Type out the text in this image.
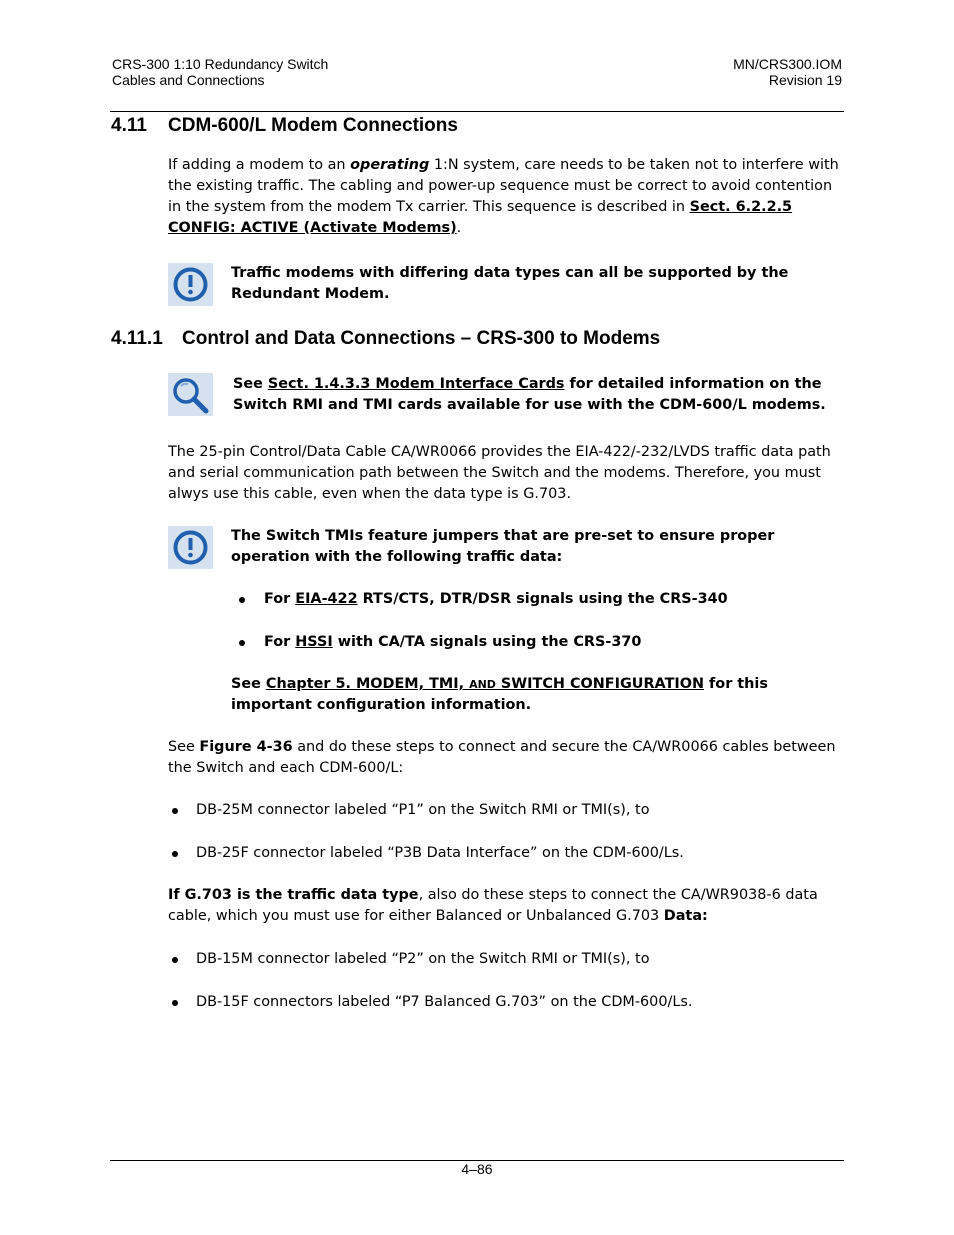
CRS-300 1:10 Redundancy Switch
Cables and Connections
MN/CRS300.IOM
Revision 19
4.11 CDM-600/L Modem Connections

If adding a modem to an operating 1:N system, care needs to be taken not to interfere with the existing traffic. The cabling and power-up sequence must be correct to avoid contention in the system from the modem Tx carrier. This sequence is described in Sect. 6.2.2.5 CONFIG: ACTIVE (Activate Modems).

Traffic modems with differing data types can all be supported by the Redundant Modem.

4.11.1 Control and Data Connections – CRS-300 to Modems

See Sect. 1.4.3.3 Modem Interface Cards for detailed information on the Switch RMI and TMI cards available for use with the CDM-600/L modems.

The 25-pin Control/Data Cable CA/WR0066 provides the EIA-422/-232/LVDS traffic data path and serial communication path between the Switch and the modems. Therefore, you must alwys use this cable, even when the data type is G.703.

The Switch TMIs feature jumpers that are pre-set to ensure proper operation with the following traffic data:

For EIA-422 RTS/CTS, DTR/DSR signals using the CRS-340

For HSSI with CA/TA signals using the CRS-370

See Chapter 5. MODEM, TMI, AND SWITCH CONFIGURATION for this important configuration information.

See Figure 4-36 and do these steps to connect and secure the CA/WR0066 cables between the Switch and each CDM-600/L:

DB-25M connector labeled “P1” on the Switch RMI or TMI(s), to
DB-25F connector labeled “P3B Data Interface” on the CDM-600/Ls.

If G.703 is the traffic data type, also do these steps to connect the CA/WR9038-6 data cable, which you must use for either Balanced or Unbalanced G.703 Data:

DB-15M connector labeled “P2” on the Switch RMI or TMI(s), to
DB-15F connectors labeled “P7 Balanced G.703” on the CDM-600/Ls.
4–86
